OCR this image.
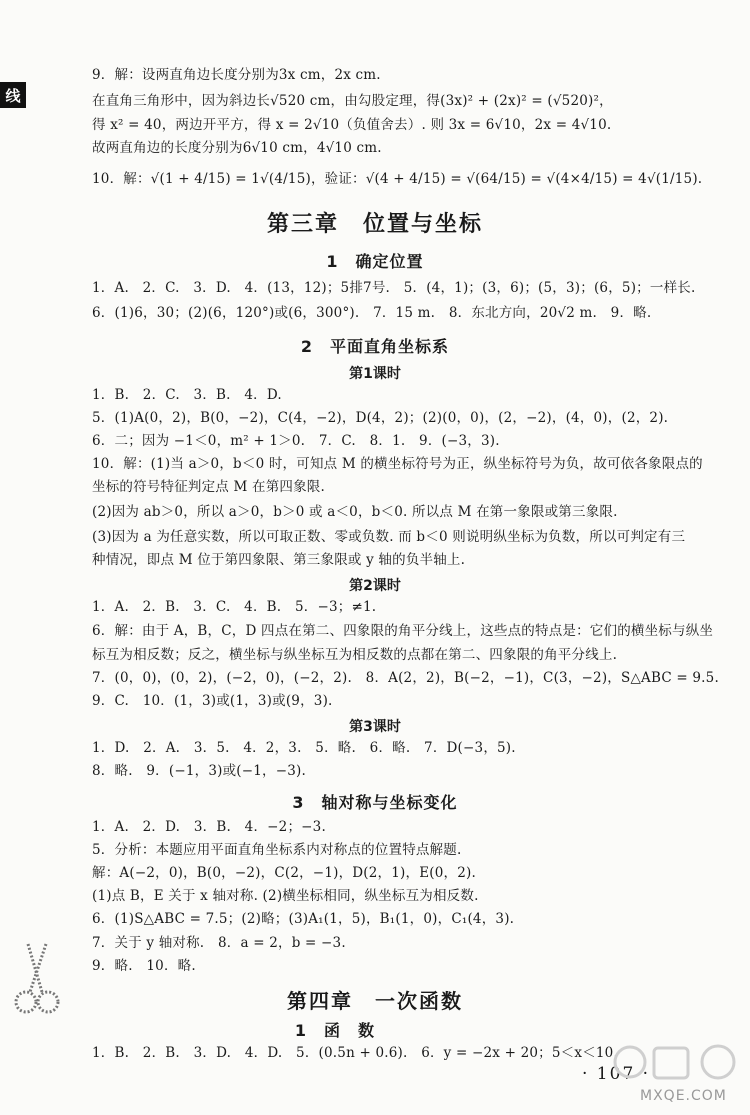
线
9．解：设两直角边长度分别为3x cm，2x cm.
在直角三角形中，因为斜边长√520 cm，由勾股定理，得(3x)² + (2x)² = (√520)²，
得 x² = 40，两边开平方，得 x = 2√10（负值舍去）. 则 3x = 6√10，2x = 4√10.
故两直角边的长度分别为6√10 cm，4√10 cm.
10．解：√(1 + 4/15) = 1√(4/15)，验证：√(4 + 4/15) = √(64/15) = √(4×4/15) = 4√(1/15).
第三章　位置与坐标
1　确定位置
1．A.　2．C.　3．D.　4．(13，12)；5排7号.　5．(4，1)；(3，6)；(5，3)；(6，5)；一样长.
6．(1)6，30；(2)(6，120°)或(6，300°).　7．15 m.　8．东北方向，20√2 m.　9．略.
2　平面直角坐标系
第1课时
1．B.　2．C.　3．B.　4．D.
5．(1)A(0，2)，B(0，−2)，C(4，−2)，D(4，2)；(2)(0，0)，(2，−2)，(4，0)，(2，2).
6．二；因为 −1＜0，m² + 1＞0.　7．C.　8．1.　9．(−3，3).
10．解：(1)当 a＞0，b＜0 时，可知点 M 的横坐标符号为正，纵坐标符号为负，故可依各象限点的
坐标的符号特征判定点 M 在第四象限.
(2)因为 ab＞0，所以 a＞0，b＞0 或 a＜0，b＜0. 所以点 M 在第一象限或第三象限.
(3)因为 a 为任意实数，所以可取正数、零或负数. 而 b＜0 则说明纵坐标为负数，所以可判定有三
种情况，即点 M 位于第四象限、第三象限或 y 轴的负半轴上.
第2课时
1．A.　2．B.　3．C.　4．B.　5．−3；≠1.
6．解：由于 A，B，C，D 四点在第二、四象限的角平分线上，这些点的特点是：它们的横坐标与纵坐
标互为相反数；反之，横坐标与纵坐标互为相反数的点都在第二、四象限的角平分线上.
7．(0，0)，(0，2)，(−2，0)，(−2，2).　8．A(2，2)，B(−2，−1)，C(3，−2)，S△ABC = 9.5.
9．C.　10．(1，3)或(1，3)或(9，3).
第3课时
1．D.　2．A.　3．5.　4．2，3.　5．略.　6．略.　7．D(−3，5).
8．略.　9．(−1，3)或(−1，−3).
3　轴对称与坐标变化
1．A.　2．D.　3．B.　4．−2；−3.
5．分析：本题应用平面直角坐标系内对称点的位置特点解题.
解：A(−2，0)，B(0，−2)，C(2，−1)，D(2，1)，E(0，2).
(1)点 B，E 关于 x 轴对称. (2)横坐标相同，纵坐标互为相反数.
6．(1)S△ABC = 7.5；(2)略；(3)A₁(1，5)，B₁(1，0)，C₁(4，3).
7．关于 y 轴对称.　8．a = 2，b = −3.
9．略.　10．略.
第四章　一次函数
1　函　数
1．B.　2．B.　3．D.　4．D.　5．(0.5n + 0.6).　6．y = −2x + 20；5＜x＜10.
· 107 ·
MXQE.COM
